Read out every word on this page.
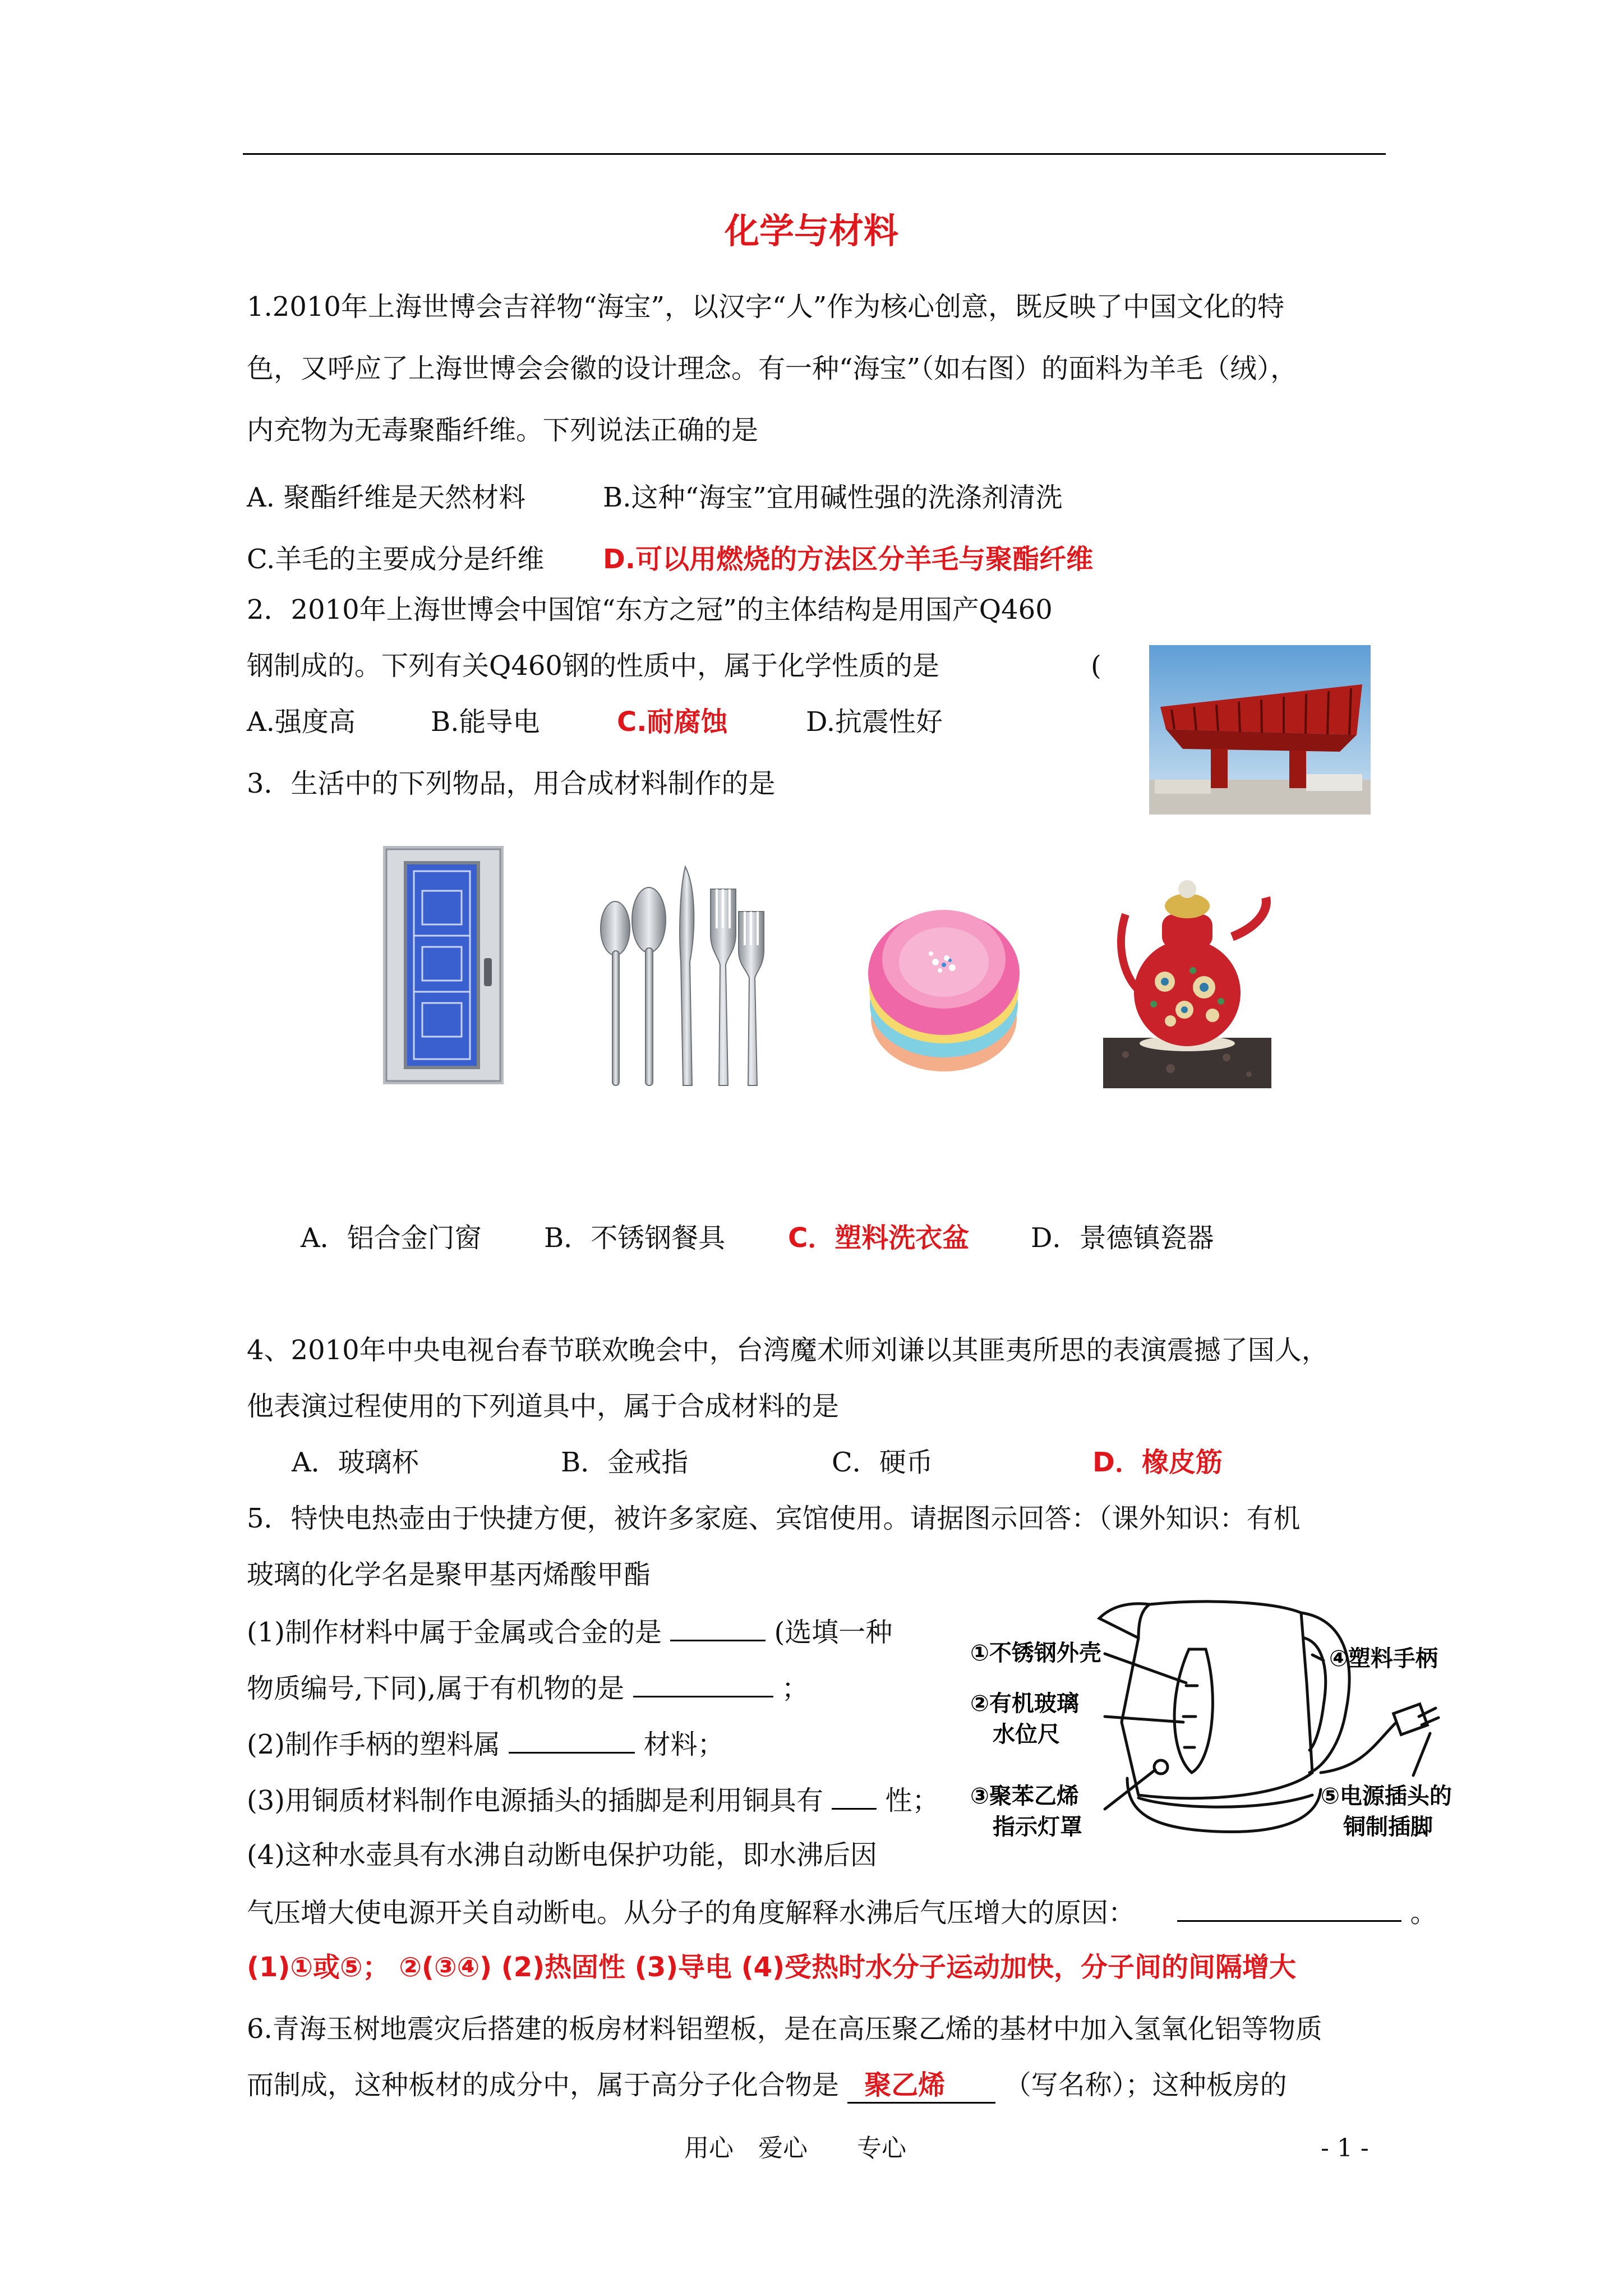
化学与材料
1.2010年上海世博会吉祥物“海宝”，以汉字“人”作为核心创意，既反映了中国文化的特
色，又呼应了上海世博会会徽的设计理念。有一种“海宝”（如右图）的面料为羊毛（绒），
内充物为无毒聚酯纤维。下列说法正确的是
A. 聚酯纤维是天然材料	B.这种“海宝”宜用碱性强的洗涤剂清洗
C.羊毛的主要成分是纤维 D.可以用燃烧的方法区分羊毛与聚酯纤维
2．2010年上海世博会中国馆“东方之冠”的主体结构是用国产Q460
钢制成的。下列有关Q460钢的性质中，属于化学性质的是	(
A.强度高	B.能导电	C.耐腐蚀	D.抗震性好
3．生活中的下列物品，用合成材料制作的是
A．铝合金门窗 B．不锈钢餐具 C．塑料洗衣盆 D．景德镇瓷器
4、2010年中央电视台春节联欢晚会中，台湾魔术师刘谦以其匪夷所思的表演震撼了国人，
他表演过程使用的下列道具中，属于合成材料的是
A．玻璃杯	B．金戒指	C．硬币	D．橡皮筋
5．特快电热壶由于快捷方便，被许多家庭、宾馆使用。请据图示回答：（课外知识：有机
玻璃的化学名是聚甲基丙烯酸甲酯
(1)制作材料中属于金属或合金的是	(选填一种
物质编号,下同),属于有机物的是	；
(2)制作手柄的塑料属	材料；
(3)用铜质材料制作电源插头的插脚是利用铜具有 性；
(4)这种水壶具有水沸自动断电保护功能，即水沸后因
气压增大使电源开关自动断电。从分子的角度解释水沸后气压增大的原因：	。
(1)①或⑤； ②(③④) (2)热固性 (3)导电 (4)受热时水分子运动加快，分子间的间隔增大
①不锈钢外壳
②有机玻璃
水位尺
③聚苯乙烯
指示灯罩
④塑料手柄
⑤电源插头的
铜制插脚
6.青海玉树地震灾后搭建的板房材料铝塑板，是在高压聚乙烯的基材中加入氢氧化铝等物质
而制成，这种板材的成分中，属于高分子化合物是 聚乙烯 （写名称）；这种板房的
用心　爱心　　专心	- 1 -
